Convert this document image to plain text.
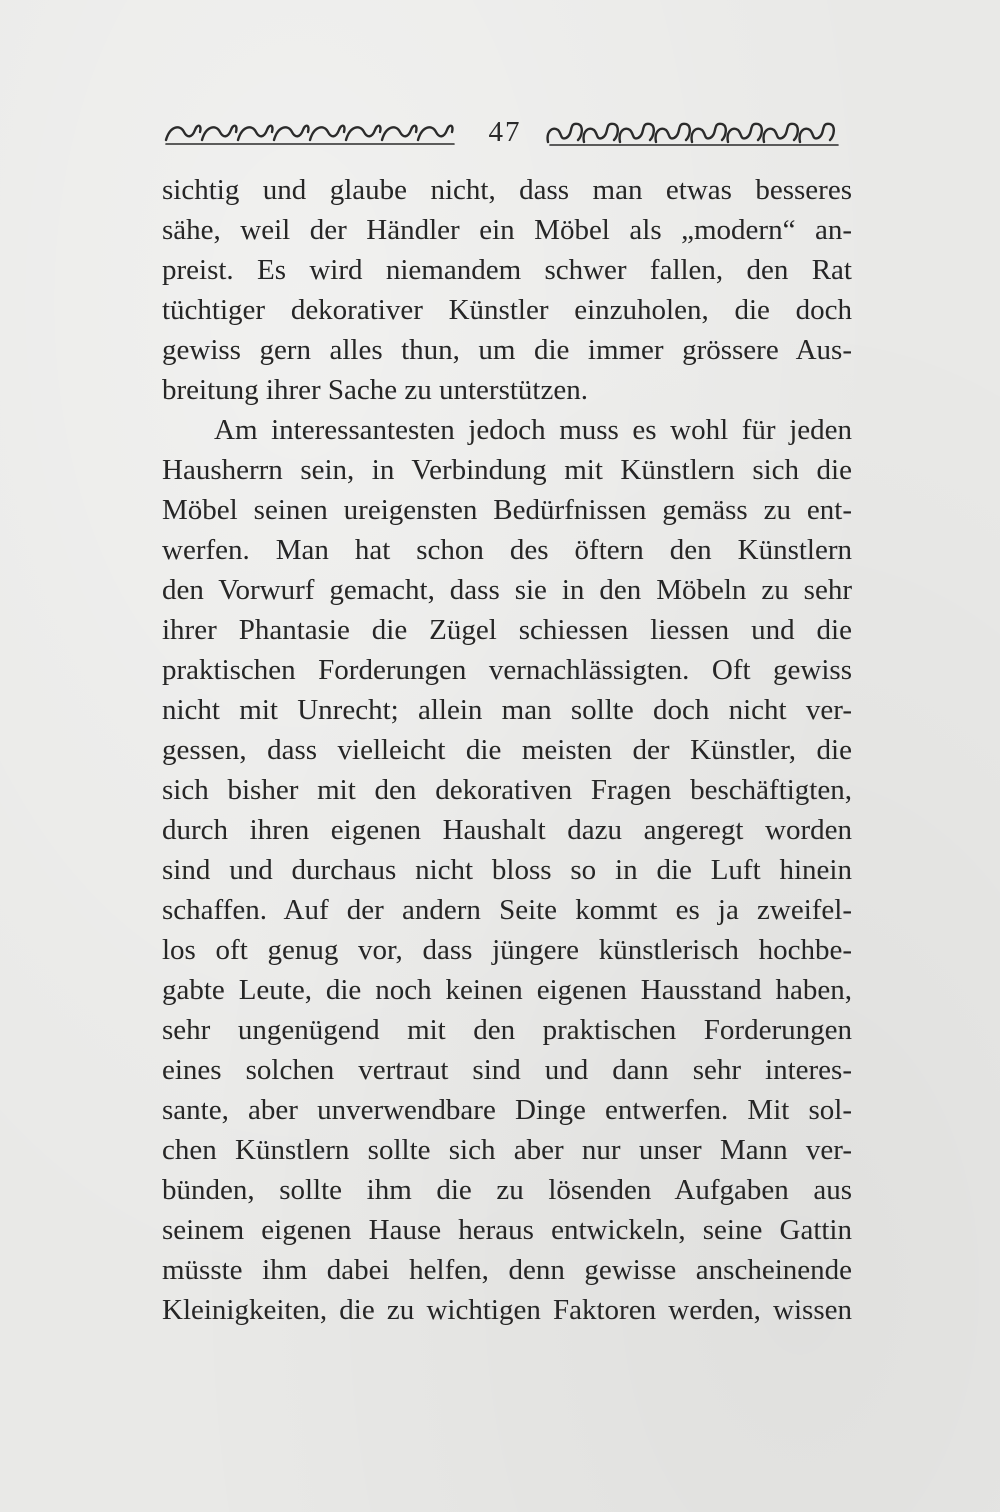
47
sichtig und glaube nicht, dass man etwas besseres
sähe, weil der Händler ein Möbel als „modern“ an-
preist. Es wird niemandem schwer fallen, den Rat
tüchtiger dekorativer Künstler einzuholen, die doch
gewiss gern alles thun, um die immer grössere Aus-
breitung ihrer Sache zu unterstützen.
Am interessantesten jedoch muss es wohl für jeden
Hausherrn sein, in Verbindung mit Künstlern sich die
Möbel seinen ureigensten Bedürfnissen gemäss zu ent-
werfen. Man hat schon des öftern den Künstlern
den Vorwurf gemacht, dass sie in den Möbeln zu sehr
ihrer Phantasie die Zügel schiessen liessen und die
praktischen Forderungen vernachlässigten. Oft gewiss
nicht mit Unrecht; allein man sollte doch nicht ver-
gessen, dass vielleicht die meisten der Künstler, die
sich bisher mit den dekorativen Fragen beschäftigten,
durch ihren eigenen Haushalt dazu angeregt worden
sind und durchaus nicht bloss so in die Luft hinein
schaffen. Auf der andern Seite kommt es ja zweifel-
los oft genug vor, dass jüngere künstlerisch hochbe-
gabte Leute, die noch keinen eigenen Hausstand haben,
sehr ungenügend mit den praktischen Forderungen
eines solchen vertraut sind und dann sehr interes-
sante, aber unverwendbare Dinge entwerfen. Mit sol-
chen Künstlern sollte sich aber nur unser Mann ver-
bünden, sollte ihm die zu lösenden Aufgaben aus
seinem eigenen Hause heraus entwickeln, seine Gattin
müsste ihm dabei helfen, denn gewisse anscheinende
Kleinigkeiten, die zu wichtigen Faktoren werden, wissen
